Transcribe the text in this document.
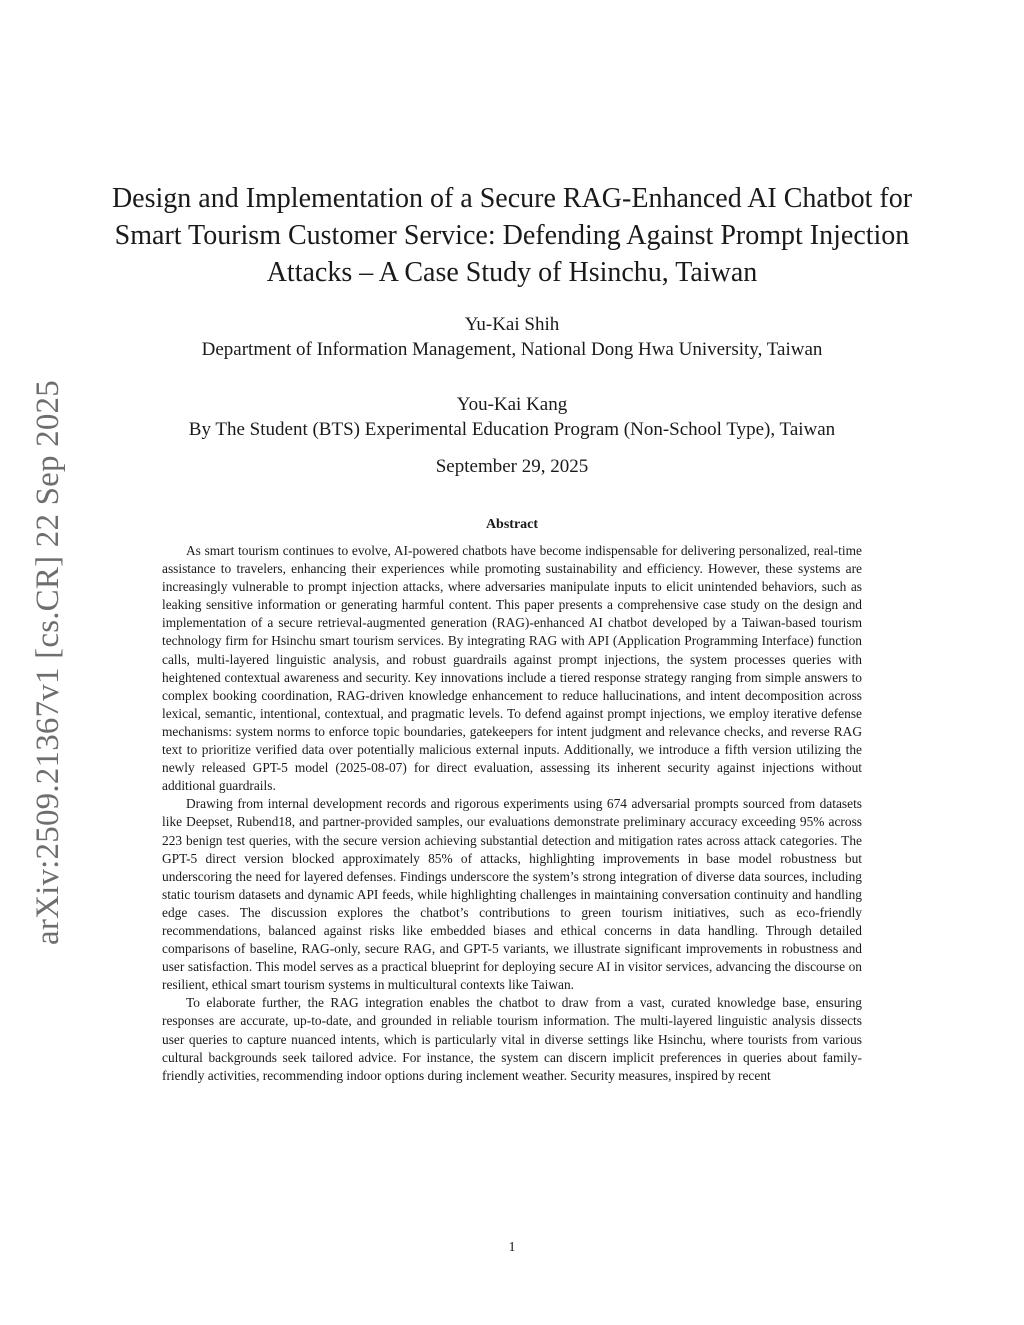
arXiv:2509.21367v1 [cs.CR] 22 Sep 2025
Design and Implementation of a Secure RAG-Enhanced AI Chatbot for Smart Tourism Customer Service: Defending Against Prompt Injection Attacks – A Case Study of Hsinchu, Taiwan
Yu-Kai Shih
Department of Information Management, National Dong Hwa University, Taiwan
You-Kai Kang
By The Student (BTS) Experimental Education Program (Non-School Type), Taiwan
September 29, 2025
Abstract

As smart tourism continues to evolve, AI-powered chatbots have become indispensable for delivering personalized, real-time assistance to travelers, enhancing their experiences while promoting sustainability and efficiency. However, these systems are increasingly vulnerable to prompt injection attacks, where adversaries manipulate inputs to elicit unintended behaviors, such as leaking sensitive information or generating harmful content. This paper presents a comprehensive case study on the design and implementation of a secure retrieval-augmented generation (RAG)-enhanced AI chatbot developed by a Taiwan-based tourism technology firm for Hsinchu smart tourism services. By integrating RAG with API (Application Programming Interface) function calls, multi-layered linguistic analysis, and robust guardrails against prompt injections, the system processes queries with heightened contextual awareness and security. Key innovations include a tiered response strategy ranging from simple answers to complex booking coordination, RAG-driven knowledge enhancement to reduce hallucinations, and intent decomposition across lexical, semantic, intentional, contextual, and pragmatic levels. To defend against prompt injections, we employ iterative defense mechanisms: system norms to enforce topic boundaries, gatekeepers for intent judgment and relevance checks, and reverse RAG text to prioritize verified data over potentially malicious external inputs. Additionally, we introduce a fifth version utilizing the newly released GPT-5 model (2025-08-07) for direct evaluation, assessing its inherent security against injections without additional guardrails.

Drawing from internal development records and rigorous experiments using 674 adversarial prompts sourced from datasets like Deepset, Rubend18, and partner-provided samples, our evaluations demonstrate preliminary accuracy exceeding 95% across 223 benign test queries, with the secure version achieving substantial detection and mitigation rates across attack categories. The GPT-5 direct version blocked approximately 85% of attacks, highlighting improvements in base model robustness but underscoring the need for layered defenses. Findings underscore the system’s strong integration of diverse data sources, including static tourism datasets and dynamic API feeds, while highlighting challenges in maintaining conversation continuity and handling edge cases. The discussion explores the chatbot’s contributions to green tourism initiatives, such as eco-friendly recommendations, balanced against risks like embedded biases and ethical concerns in data handling. Through detailed comparisons of baseline, RAG-only, secure RAG, and GPT-5 variants, we illustrate significant improvements in robustness and user satisfaction. This model serves as a practical blueprint for deploying secure AI in visitor services, advancing the discourse on resilient, ethical smart tourism systems in multicultural contexts like Taiwan.

To elaborate further, the RAG integration enables the chatbot to draw from a vast, curated knowledge base, ensuring responses are accurate, up-to-date, and grounded in reliable tourism information. The multi-layered linguistic analysis dissects user queries to capture nuanced intents, which is particularly vital in diverse settings like Hsinchu, where tourists from various cultural backgrounds seek tailored advice. For instance, the system can discern implicit preferences in queries about family-friendly activities, recommending indoor options during inclement weather. Security measures, inspired by recent

1
